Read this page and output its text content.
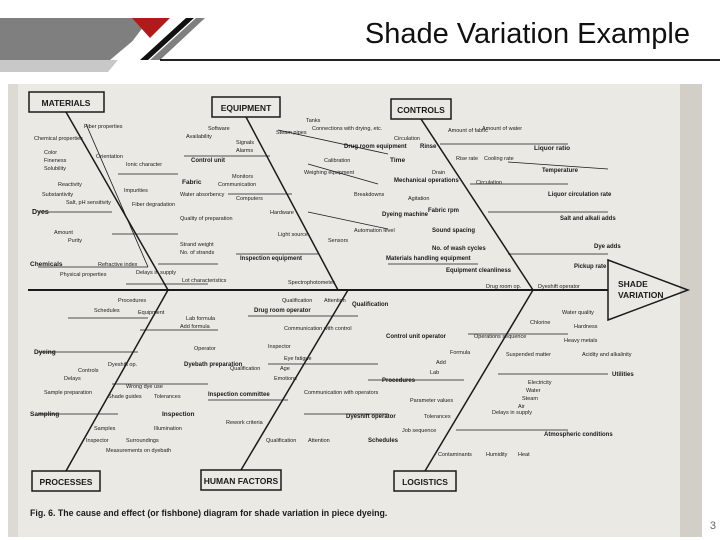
Shade Variation Example
MATERIALS	EQUIPMENT	CONTROLS
PROCESSES	HUMAN FACTORS	LOGISTICS
SHADE
VARIATION
Chemical properties
Color
Fineness
Solubility
Reactivity
Substantivity
Salt, pH sensitivity
Dyes
Amount
Purity
Chemicals
Physical properties
Fiber properties
Orientation
Ionic character
Impurities
Fiber degradation
Fabric
Water absorbency
Quality of preparation
Strand weight
No. of strands
Refractive index
Delays in supply
Lot characteristics
Software
Availability
Signals
Alarms
Control unit
Monitors
Communication
Computers
Steam pipes
Tanks
Connections with drying, etc.
Drug room equipment
Calibration
Weighing equipment
Breakdowns
Hardware	Dyeing machine
Light source
Sensors
Automation level
Inspection equipment
Spectrophotometer
Amount of fabric
Amount of water
Circulation
Rinse	Liquor ratio
Time	Rise rate Cooling rate
Temperature
Drain
Mechanical operations
Agitation
Circulation
Liquor circulation rate
Fabric rpm
Sound spacing
No. of wash cycles
Salt and alkali adds
Dye adds
Pickup rate
Materials handling equipment
Equipment cleanliness
Drug room op.	Dyeshift operator
Procedures
Schedules	Equipment
Lab formula
Add formula
Dyeing
Controls
Dyeshift op.
Delays
Sample preparation
Shade guides Tolerances
Wrong dye use
Dyebath preparation
Operator
Sampling
Samples	Illumination
Inspection
Inspector	Surroundings
Measurements on dyebath
Qualification Attention
Drug room operator
Communication with control
Qualification
Control unit operator
Inspector
Eye fatigue
Age
Emotions
Qualification
Inspection committee
Rework criteria
Communication with operators
Dyeshift operator
Qualification Attention
Water quality
Chlorine
Hardness
Heavy metals
Acidity and alkalinity
Utilities
Electricity
Water
Steam
Air
Suspended matter
Operations sequence
Formula
Add
Lab
Procedures
Parameter values
Tolerances
Delays in supply
Job sequence
Schedules
Atmospheric conditions
Contaminants	Humidity Heat
Fig. 6. The cause and effect (or fishbone) diagram for shade variation in piece dyeing.
3
